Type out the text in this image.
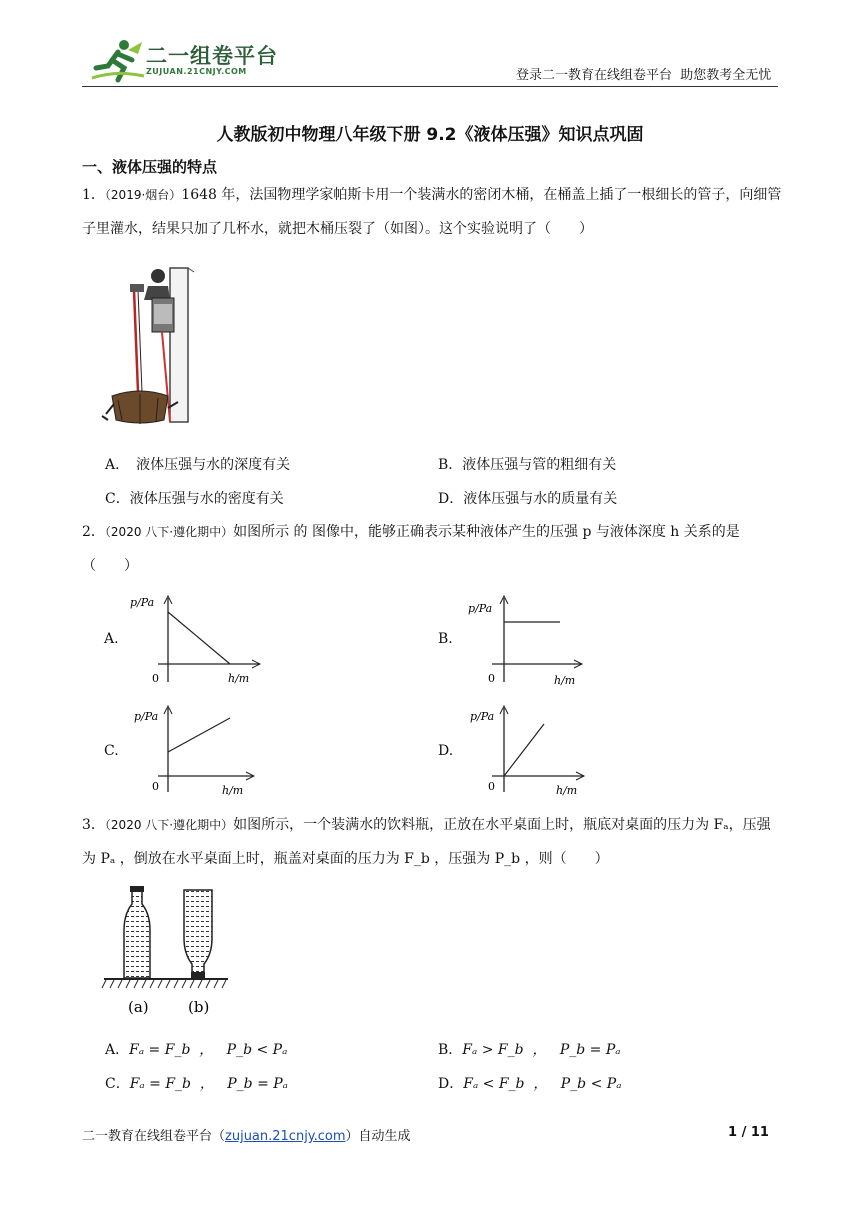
二一组卷平台
ZUJUAN.21CNJY.COM	登录二一教育在线组卷平台  助您教考全无忧
人教版初中物理八年级下册 9.2《液体压强》知识点巩固
一、液体压强的特点
1．（2019·烟台）1648 年，法国物理学家帕斯卡用一个装满水的密闭木桶，在桶盖上插了一根细长的管子，向细管子里灌水，结果只加了几杯水，就把木桶压裂了（如图）。这个实验说明了（　　）
A．　液体压强与水的深度有关	B．液体压强与管的粗细有关
C．液体压强与水的密度有关	D．液体压强与水的质量有关
2．（2020 八下·遵化期中）如图所示 的 图像中，能够正确表示某种液体产生的压强 p 与液体深度 h 关系的是（　　）
A.
p/Pa
0	h/m
B.
p/Pa
0	h/m
C.
p/Pa
0	h/m
D.
p/Pa
0	h/m
3．（2020 八下·遵化期中）如图所示，一个装满水的饮料瓶，正放在水平桌面上时，瓶底对桌面的压力为 Fₐ，压强为 Pₐ ，倒放在水平桌面上时，瓶盖对桌面的压力为 F_b ，压强为 P_b ，则（　　）
(a)	(b)
A．Fₐ = F_b  ，   P_b < Pₐ	B．Fₐ > F_b  ，   P_b = Pₐ
C．Fₐ = F_b  ，   P_b = Pₐ	D．Fₐ < F_b  ，   P_b < Pₐ
二一教育在线组卷平台（zujuan.21cnjy.com）自动生成	1 / 11
